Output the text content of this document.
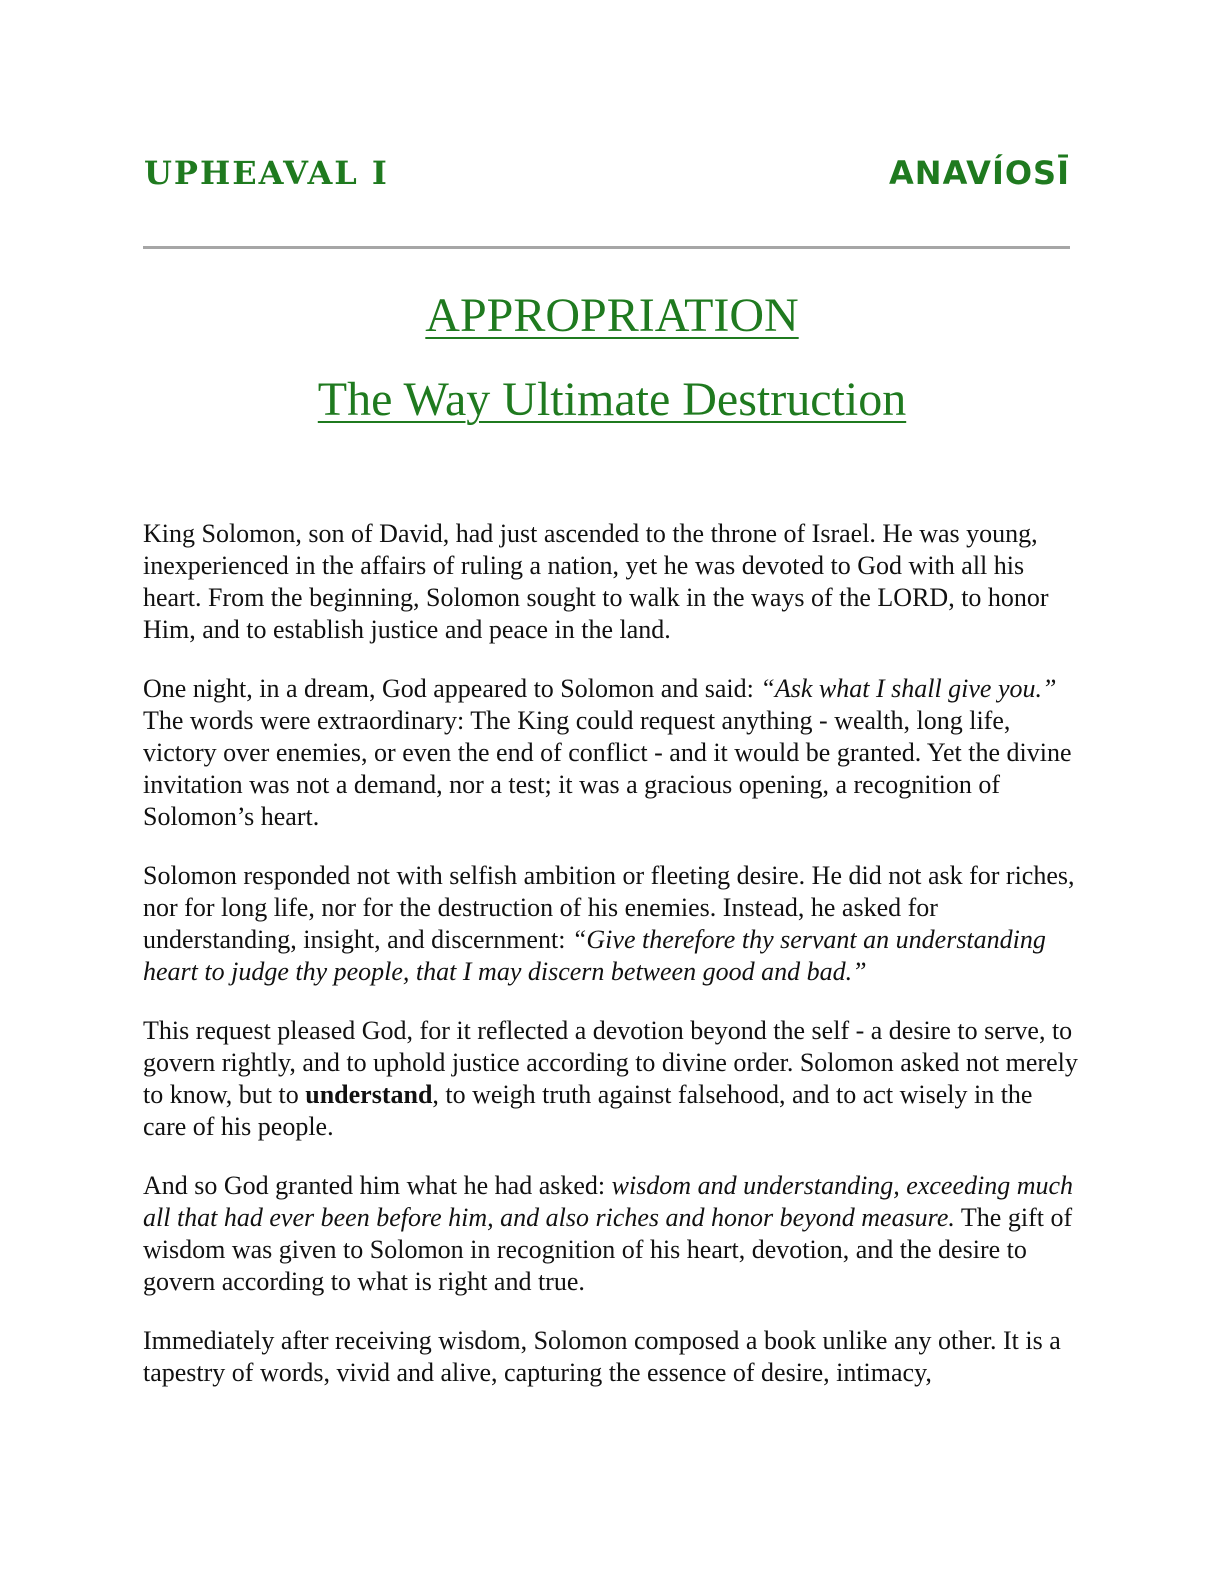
UPHEAVAL I	ANAVÍOSĪ
APPROPRIATION
The Way Ultimate Destruction

King Solomon, son of David, had just ascended to the throne of Israel. He was young, inexperienced in the affairs of ruling a nation, yet he was devoted to God with all his heart. From the beginning, Solomon sought to walk in the ways of the LORD, to honor Him, and to establish justice and peace in the land.

One night, in a dream, God appeared to Solomon and said: “Ask what I shall give you.” The words were extraordinary: The King could request anything - wealth, long life, victory over enemies, or even the end of conflict - and it would be granted. Yet the divine invitation was not a demand, nor a test; it was a gracious opening, a recognition of Solomon’s heart.

Solomon responded not with selfish ambition or fleeting desire. He did not ask for riches, nor for long life, nor for the destruction of his enemies. Instead, he asked for understanding, insight, and discernment: “Give therefore thy servant an understanding heart to judge thy people, that I may discern between good and bad.”

This request pleased God, for it reflected a devotion beyond the self - a desire to serve, to govern rightly, and to uphold justice according to divine order. Solomon asked not merely to know, but to understand, to weigh truth against falsehood, and to act wisely in the care of his people.

And so God granted him what he had asked: wisdom and understanding, exceeding much all that had ever been before him, and also riches and honor beyond measure. The gift of wisdom was given to Solomon in recognition of his heart, devotion, and the desire to govern according to what is right and true.

Immediately after receiving wisdom, Solomon composed a book unlike any other. It is a tapestry of words, vivid and alive, capturing the essence of desire, intimacy,
